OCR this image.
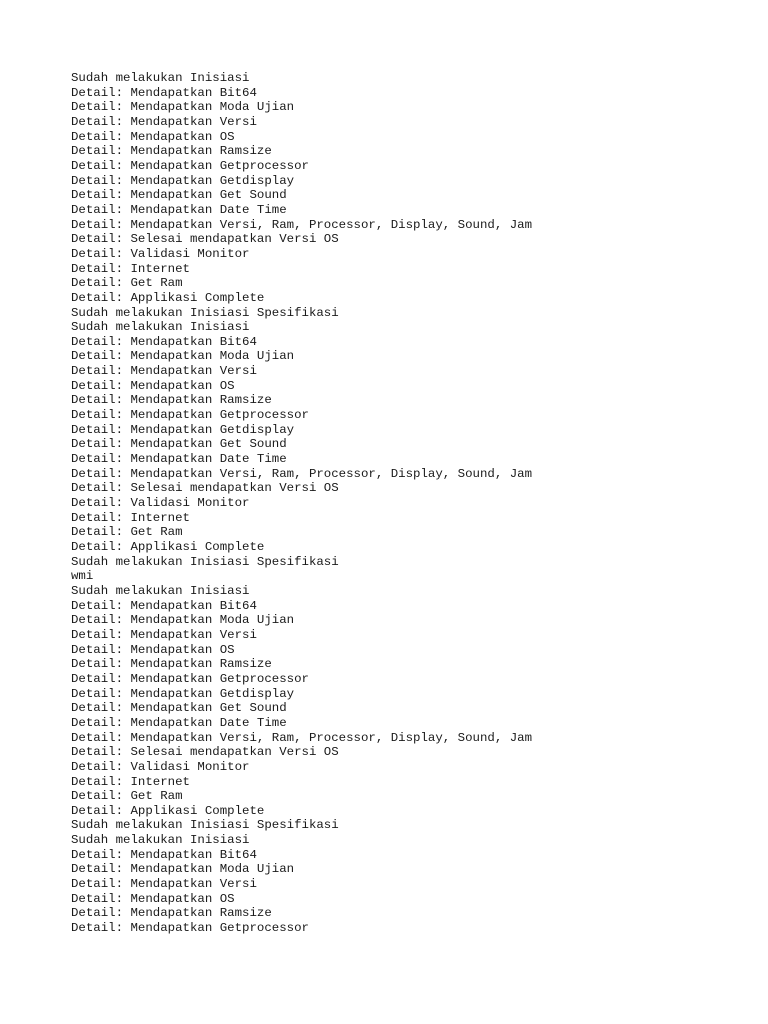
Sudah melakukan Inisiasi
Detail: Mendapatkan Bit64
Detail: Mendapatkan Moda Ujian
Detail: Mendapatkan Versi
Detail: Mendapatkan OS
Detail: Mendapatkan Ramsize
Detail: Mendapatkan Getprocessor
Detail: Mendapatkan Getdisplay
Detail: Mendapatkan Get Sound
Detail: Mendapatkan Date Time
Detail: Mendapatkan Versi, Ram, Processor, Display, Sound, Jam
Detail: Selesai mendapatkan Versi OS
Detail: Validasi Monitor
Detail: Internet
Detail: Get Ram
Detail: Applikasi Complete
Sudah melakukan Inisiasi Spesifikasi
Sudah melakukan Inisiasi
Detail: Mendapatkan Bit64
Detail: Mendapatkan Moda Ujian
Detail: Mendapatkan Versi
Detail: Mendapatkan OS
Detail: Mendapatkan Ramsize
Detail: Mendapatkan Getprocessor
Detail: Mendapatkan Getdisplay
Detail: Mendapatkan Get Sound
Detail: Mendapatkan Date Time
Detail: Mendapatkan Versi, Ram, Processor, Display, Sound, Jam
Detail: Selesai mendapatkan Versi OS
Detail: Validasi Monitor
Detail: Internet
Detail: Get Ram
Detail: Applikasi Complete
Sudah melakukan Inisiasi Spesifikasi
wmi
Sudah melakukan Inisiasi
Detail: Mendapatkan Bit64
Detail: Mendapatkan Moda Ujian
Detail: Mendapatkan Versi
Detail: Mendapatkan OS
Detail: Mendapatkan Ramsize
Detail: Mendapatkan Getprocessor
Detail: Mendapatkan Getdisplay
Detail: Mendapatkan Get Sound
Detail: Mendapatkan Date Time
Detail: Mendapatkan Versi, Ram, Processor, Display, Sound, Jam
Detail: Selesai mendapatkan Versi OS
Detail: Validasi Monitor
Detail: Internet
Detail: Get Ram
Detail: Applikasi Complete
Sudah melakukan Inisiasi Spesifikasi
Sudah melakukan Inisiasi
Detail: Mendapatkan Bit64
Detail: Mendapatkan Moda Ujian
Detail: Mendapatkan Versi
Detail: Mendapatkan OS
Detail: Mendapatkan Ramsize
Detail: Mendapatkan Getprocessor
